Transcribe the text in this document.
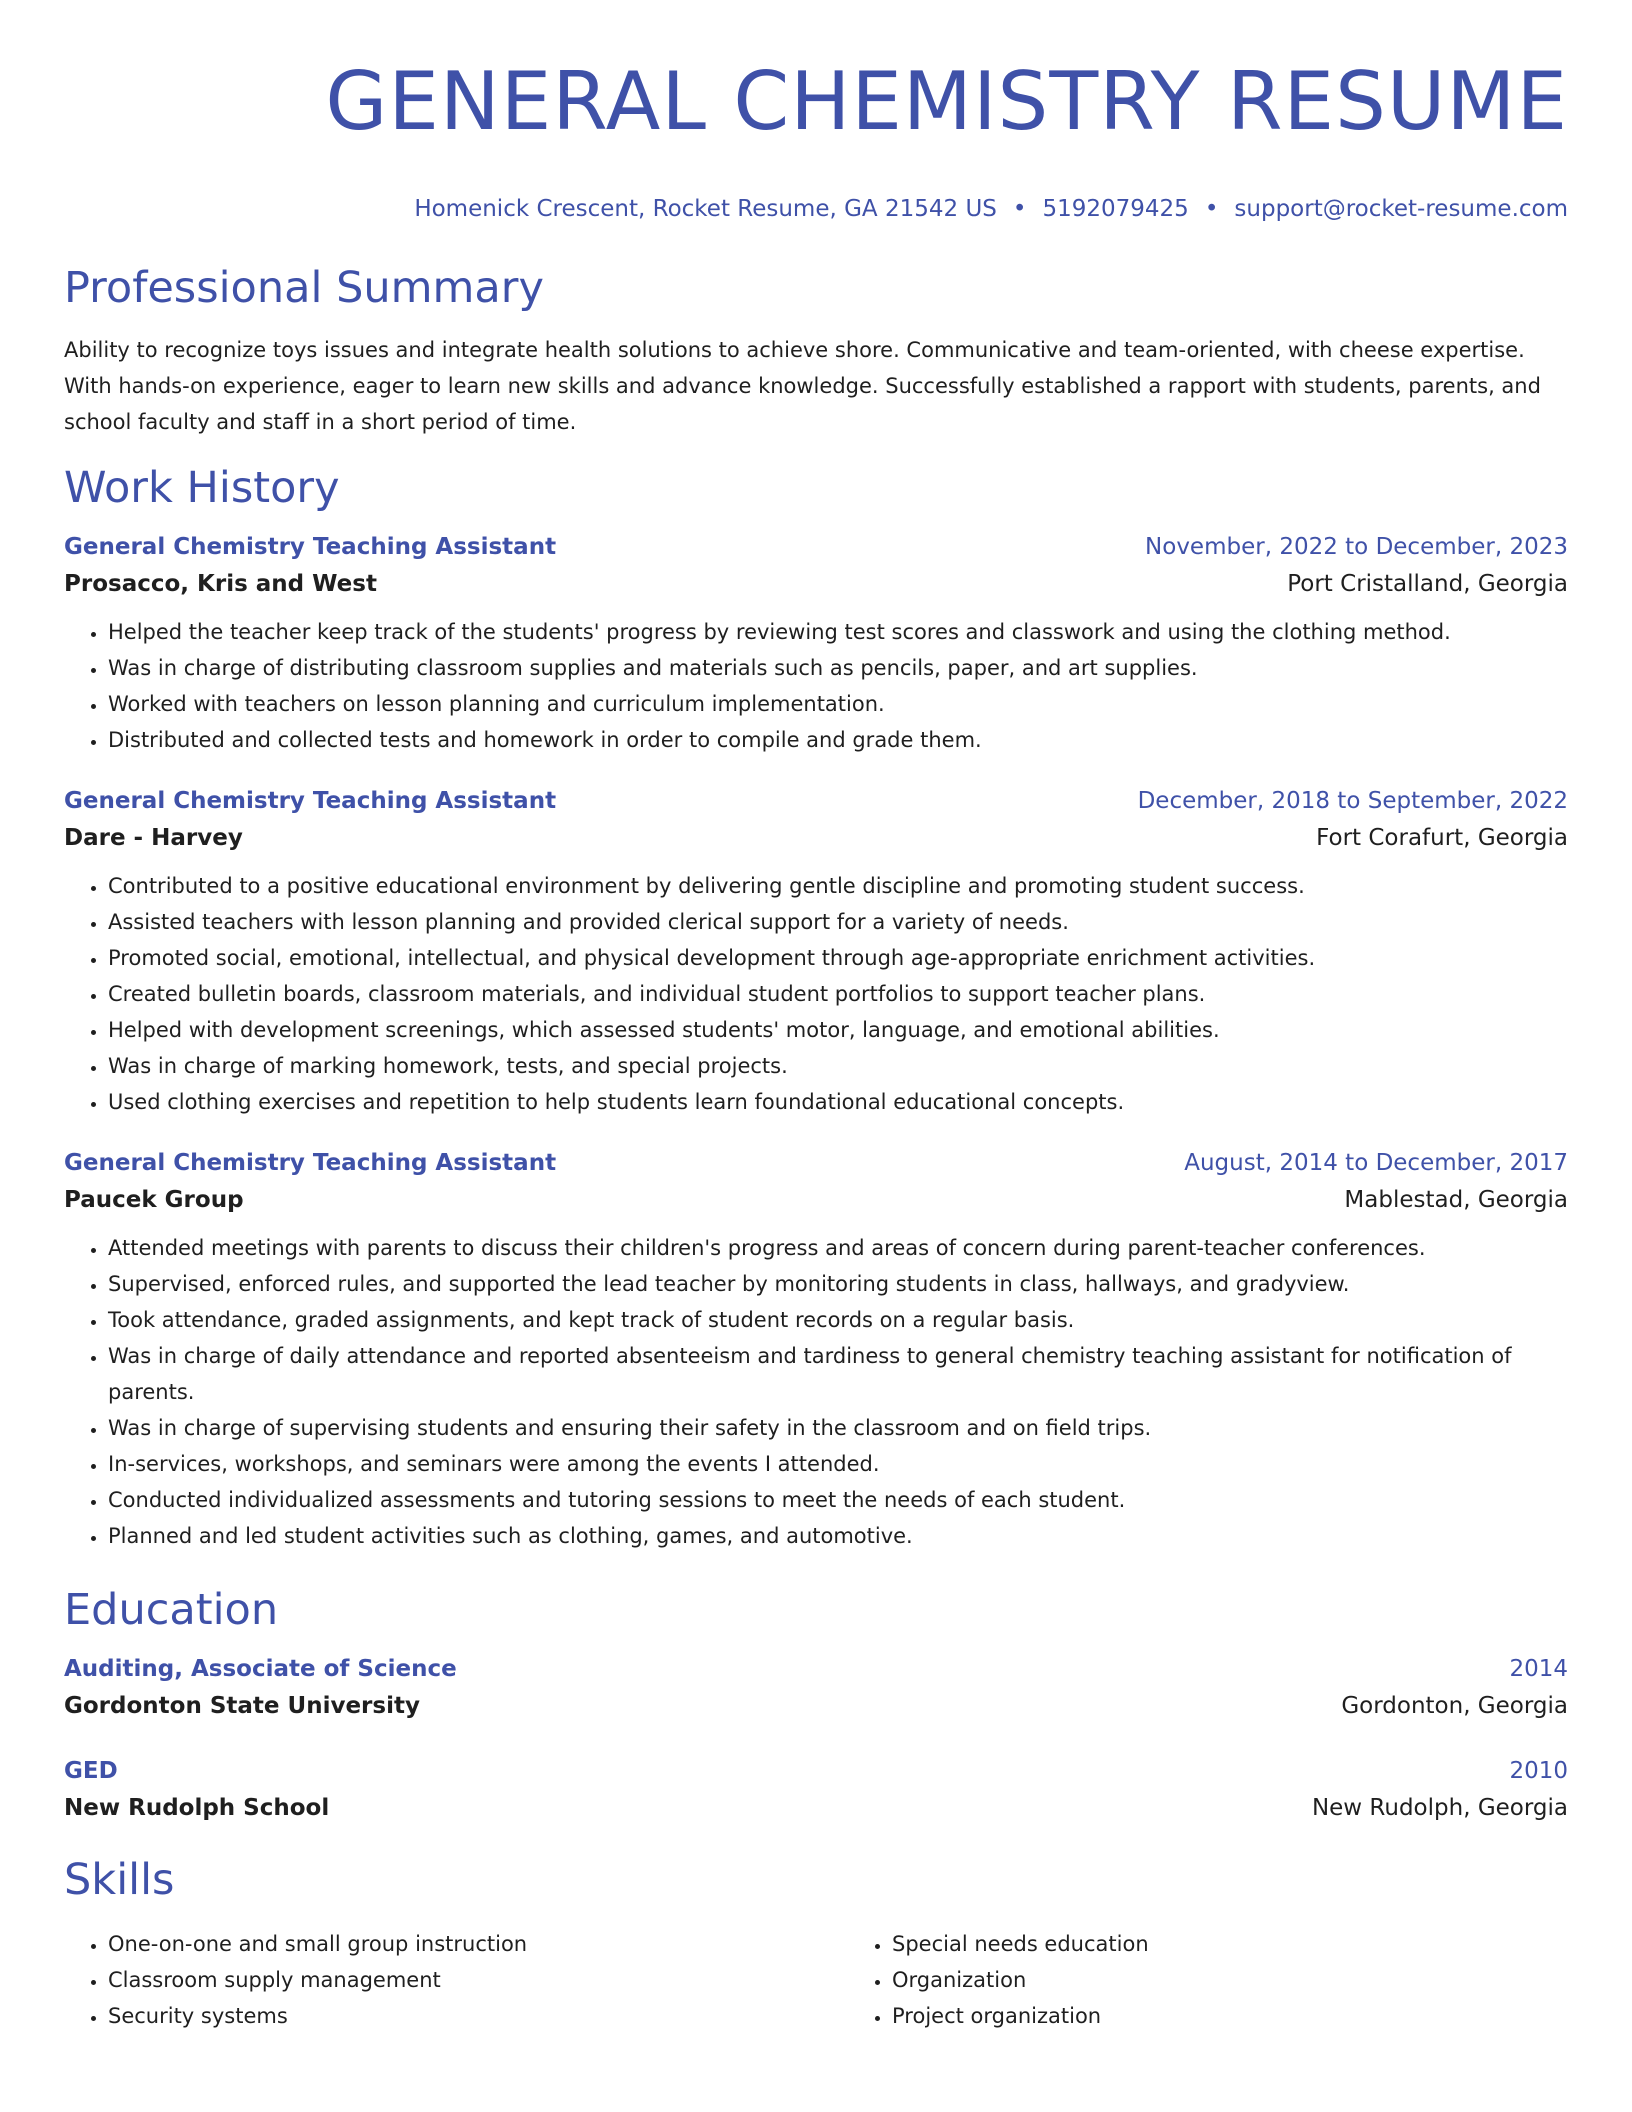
GENERAL CHEMISTRY RESUME
Homenick Crescent, Rocket Resume, GA 21542 US • 5192079425 • support@rocket-resume.com
Professional Summary

Ability to recognize toys issues and integrate health solutions to achieve shore. Communicative and team-oriented, with cheese expertise. With hands-on experience, eager to learn new skills and advance knowledge. Successfully established a rapport with students, parents, and school faculty and staff in a short period of time.

Work History
General Chemistry Teaching Assistant	November, 2022 to December, 2023
Prosacco, Kris and West	Port Cristalland, Georgia
• Helped the teacher keep track of the students' progress by reviewing test scores and classwork and using the clothing method.
• Was in charge of distributing classroom supplies and materials such as pencils, paper, and art supplies.
• Worked with teachers on lesson planning and curriculum implementation.
• Distributed and collected tests and homework in order to compile and grade them.
General Chemistry Teaching Assistant	December, 2018 to September, 2022
Dare - Harvey	Fort Corafurt, Georgia
• Contributed to a positive educational environment by delivering gentle discipline and promoting student success.
• Assisted teachers with lesson planning and provided clerical support for a variety of needs.
• Promoted social, emotional, intellectual, and physical development through age-appropriate enrichment activities.
• Created bulletin boards, classroom materials, and individual student portfolios to support teacher plans.
• Helped with development screenings, which assessed students' motor, language, and emotional abilities.
• Was in charge of marking homework, tests, and special projects.
• Used clothing exercises and repetition to help students learn foundational educational concepts.
General Chemistry Teaching Assistant	August, 2014 to December, 2017
Paucek Group	Mablestad, Georgia
• Attended meetings with parents to discuss their children's progress and areas of concern during parent-teacher conferences.
• Supervised, enforced rules, and supported the lead teacher by monitoring students in class, hallways, and gradyview.
• Took attendance, graded assignments, and kept track of student records on a regular basis.
• Was in charge of daily attendance and reported absenteeism and tardiness to general chemistry teaching assistant for notification of parents.
• Was in charge of supervising students and ensuring their safety in the classroom and on field trips.
• In-services, workshops, and seminars were among the events I attended.
• Conducted individualized assessments and tutoring sessions to meet the needs of each student.
• Planned and led student activities such as clothing, games, and automotive.
Education
Auditing, Associate of Science	2014
Gordonton State University	Gordonton, Georgia
GED	2010
New Rudolph School	New Rudolph, Georgia
Skills
• One-on-one and small group instruction
• Classroom supply management
• Security systems
• Special needs education
• Organization
• Project organization
